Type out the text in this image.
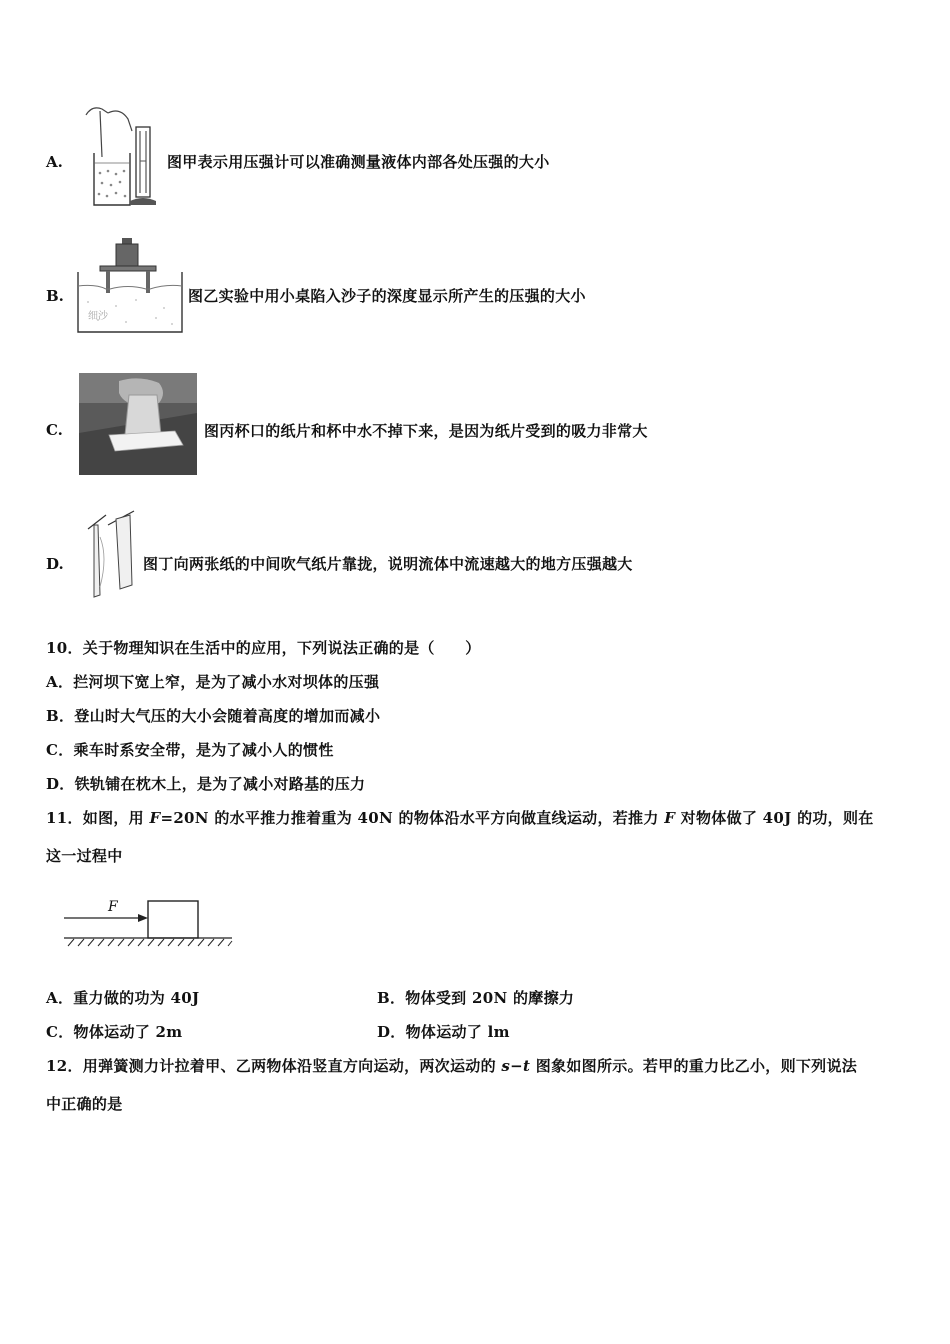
A.	图甲表示用压强计可以准确测量液体内部各处压强的大小
B.
细沙
图乙实验中用小桌陷入沙子的深度显示所产生的压强的大小
C.	图丙杯口的纸片和杯中水不掉下来，是因为纸片受到的吸力非常大
D.	图丁向两张纸的中间吹气纸片靠拢，说明流体中流速越大的地方压强越大
10．关于物理知识在生活中的应用，下列说法正确的是（　　）
A．拦河坝下宽上窄，是为了减小水对坝体的压强
B．登山时大气压的大小会随着高度的增加而减小
C．乘车时系安全带，是为了减小人的惯性
D．铁轨铺在枕木上，是为了减小对路基的压力
11．如图，用 F=20N 的水平推力推着重为 40N 的物体沿水平方向做直线运动，若推力 F 对物体做了 40J 的功，则在
这一过程中
F
A．重力做的功为 40J	B．物体受到 20N 的摩擦力
C．物体运动了 2m	D．物体运动了 lm
12．用弹簧测力计拉着甲、乙两物体沿竖直方向运动，两次运动的 s−t 图象如图所示。若甲的重力比乙小，则下列说法
中正确的是
